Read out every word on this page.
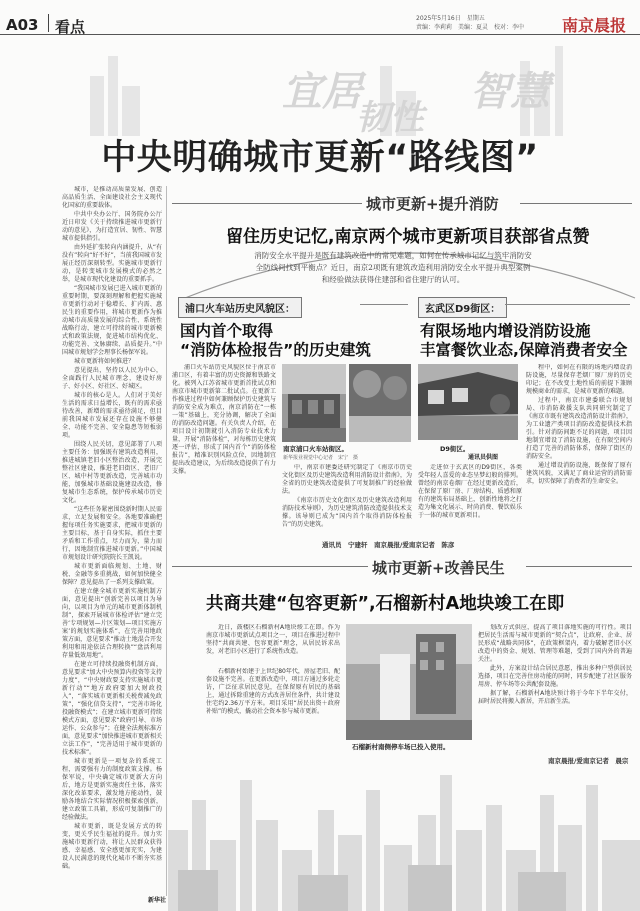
A03 看点	2025年5月16日　星期五
责编：李莉莉　美编：夏灵　校对：李中 南京晨报
宜居
韧性
智慧
中央明确城市更新“路线图”

城市，是推动高质量发展、创造高品质生活、全面建设社会主义现代化国家的重要载体。

中共中央办公厅、国务院办公厅近日印发《关于持续推进城市更新行动的意见》，为打造宜居、韧性、智慧城市提供指引。

由外延扩张转向内涵提升，从“有没有”转向“好不好”，当前我国城市发展正经历深刻转型。实施城市更新行动，是转变城市发展模式的必然之举，是城市现代化建设的重要抓手。

“我国城市发展已进入城市更新的重要时期，要深刻理解和把握实施城市更新行动对于稳增长、扩内需、惠民生的重要作用，将城市更新作为推动城市高质量发展的综合性、系统性战略行动，建立可持续的城市更新模式和政策法规，促进城市结构优化、功能完善、文脉赓续、品质提升。”中国城市规划学会理事长杨保军说。

城市更新将如何推进？

意见提出，坚持以人民为中心，全面践行人民城市理念，建设好房子、好小区、好社区、好城区。

城市的核心是人。人们对于美好生活的需求日益增长，既有的需求亟待改善，新增的需求亟待满足，但目前我国城市发展还存在设施不够健全、功能不完善、安全隐患等短板弱项。

围绕人民关切，意见部署了八项主要任务：加强既有建筑改造利用，推进城镇老旧小区整治改造，开展完整社区建设，推进老旧街区、老旧厂区、城中村等更新改造，完善城市功能，加强城市基础设施建设改造，修复城市生态系统，保护传承城市历史文化。

“这些任务紧密围绕新时期人民需求，立足发展和安全。各地要准确把握每项任务实施要求，把城市更新的主要目标，基于自身实际，抓住主要矛盾和工作重点，尽力而为，量力而行，因地制宜推进城市更新。”中国城市规划设计研究院院长王凯说。

城市更新面临规划、土地、财税、金融等多重挑战，如何加快健全保障？意见提出了一系列支撑政策。

在建立健全城市更新实施机制方面，意见提出“创新完善以项目为导向，以项目为单元的城市更新体制机制”，探索开展城市体检评估“建立完善‘专项规划—片区策划—项目实施方案’的规划实施体系”，在完善用地政策方面，意见要求“推动土地混合开发利用和用途依法合理转换”“盘活利用存量低效用地”。

在建立可持续投融资机制方面，意见要求“加大中央预算内投资等支持力度”，“中央财政要支持实施城市更新行动”“地方政府要加大财政投入”，“落实城市更新相关税费减免政策”，“强化信贷支持”，“完善市场化投融资模式”；在建立城市更新可持续模式方面，意见要求“政府引导、市场运作、公众参与”；在健全法规标准方面，意见要求“加快推进城市更新相关立法工作”，“完善适用于城市更新的技术标准”。

城市更新是一项复杂的系统工程，需要强有力的制度政策支撑。杨保军说，中央确定城市更新大方向后，地方是更新实施责任主体，落实深化改革要求，激发地方能动性，鼓励各地结合实际情况积极探索创新，建立政策工具箱，形成可复制推广的经验做法。

城市更新，既是发展方式的转变，更关乎民生福祉的提升。加力实施城市更新行动，将让人民群众获得感、幸福感、安全感更加充实，为建设人民满意的现代化城市不断夯实基础。

新华社
城市更新+提升消防
留住历史记忆,南京两个城市更新项目获部省点赞
消防安全水平提升是既有建筑改造中的常见难题，如何在传承城市记忆与筑牢消防安全防线间找到平衡点？近日，南京2项既有建筑改造利用消防安全水平提升典型案例和经验做法获得住建部和省住建厅的认可。
浦口火车站历史风貌区：
国内首个取得
“消防体检报告”的历史建筑
玄武区D9街区：
有限场地内增设消防设施
丰富餐饮业态,保障消费者安全

浦口火车站历史风貌区位于南京市浦口区，有着丰富的历史资源和铁路文化。被列入江苏省城市更新首批试点和南京市城市更新第二批试点。在更新工作推进过程中如何兼顾保护历史建筑与消防安全成为难点，南京消防在“一栋一策”基础上，充分协调，解决了全面的消防改造问题。有关负责人介绍，在项目设计初期就引入消防专业技术力量，开展“消防体检”，对每栋历史建筑逐一评估，形成了国内首个“消防体检报告”，精准识别风险点位，因地制宜提出改造建议，为后续改造提供了有力支撑。

南京浦口火车站街区。
新华报业视觉中心记者　宋宁　摄

中，南京市建委还研究制定了《南京市历史文化街区及历史建筑改造利用消防设计指南》，为全省的历史建筑改造提供了可复制推广的经验做法。

《南京市历史文化街区及历史建筑改造利用消防技术导则》，为历史建筑消防改造提供技术支撑。该导则已成为“国内首个取得消防体检报告”的历史建筑。

D9街区。
通讯员供图

走进位于玄武区的D9街区，各类受年轻人喜爱的业态呈梦幻般的排列。曾经的南京卷烟厂在经过更新改造后，在保留了原厂房、厂房结构、质感和原有的建筑布局基础上，创新性地将之打造为集文化展示、时尚消费、餐饮娱乐于一体的城市更新项目。

程中，如何在有限的场地内增设消防设施，尽量保存老烟厂原厂房的历史印记；在不改变土地性质的前提下兼顾规模商业的需求，是城市更新的难题。

过程中，南京市建委联合市规划局、市消防救援支队共同研究制定了《南京市既有建筑改造消防设计指南》，为工业遗产类项目消防改造提供技术指引。针对消防间距不足的问题，项目因地制宜增设了消防设施，在有限空间内打造了完善的消防体系，保障了街区的消防安全。

通过增设消防设施，既保留了原有建筑风貌，又满足了商业运营的消防需求，切实保障了消费者的生命安全。

通讯员　宁建轩　南京晨报/爱南京记者　陈彦
城市更新+改善民生
共商共建“包容更新”,石榴新村A地块竣工在即

近日，鼓楼区石榴新村A地块竣工在即。作为南京市城市更新试点项目之一，项目在推进过程中坚持“共商共建、包容更新”理念，从居民诉求出发，对老旧小区进行了系统性改造。

石榴新村始建于上世纪80年代，房屋老旧、配套设施不完善。在更新改造中，项目方通过多轮走访，广泛征求居民意见，在保留原有居民的基础上，通过拆除重建的方式改善居住条件，共计建设住宅约2.36万平方米。项目采用“居民出资＋政府补贴”的模式，撬动社会资本参与城市更新。

石榴新村南侧停车场已投入使用。

划改方式供应，提高了项目落地实施的可行性。项目把居民生活需与城市更新的“契合点”，让政府、企业、居民形成“战略共同体”，在政策框架内，着力破解老旧小区改造中的资金、规划、管理等难题，受到了国内外的普遍关注。

此外，方案设计结合居民意愿，推出多种户型供居民选择，项目在完善住房功能的同时，同步配建了社区服务用房、停车场等公共配套设施。

据了解，石榴新村A地块预计将于今年下半年交付，届时居民将搬入新居，开启新生活。

南京晨报/爱南京记者　晨宗
